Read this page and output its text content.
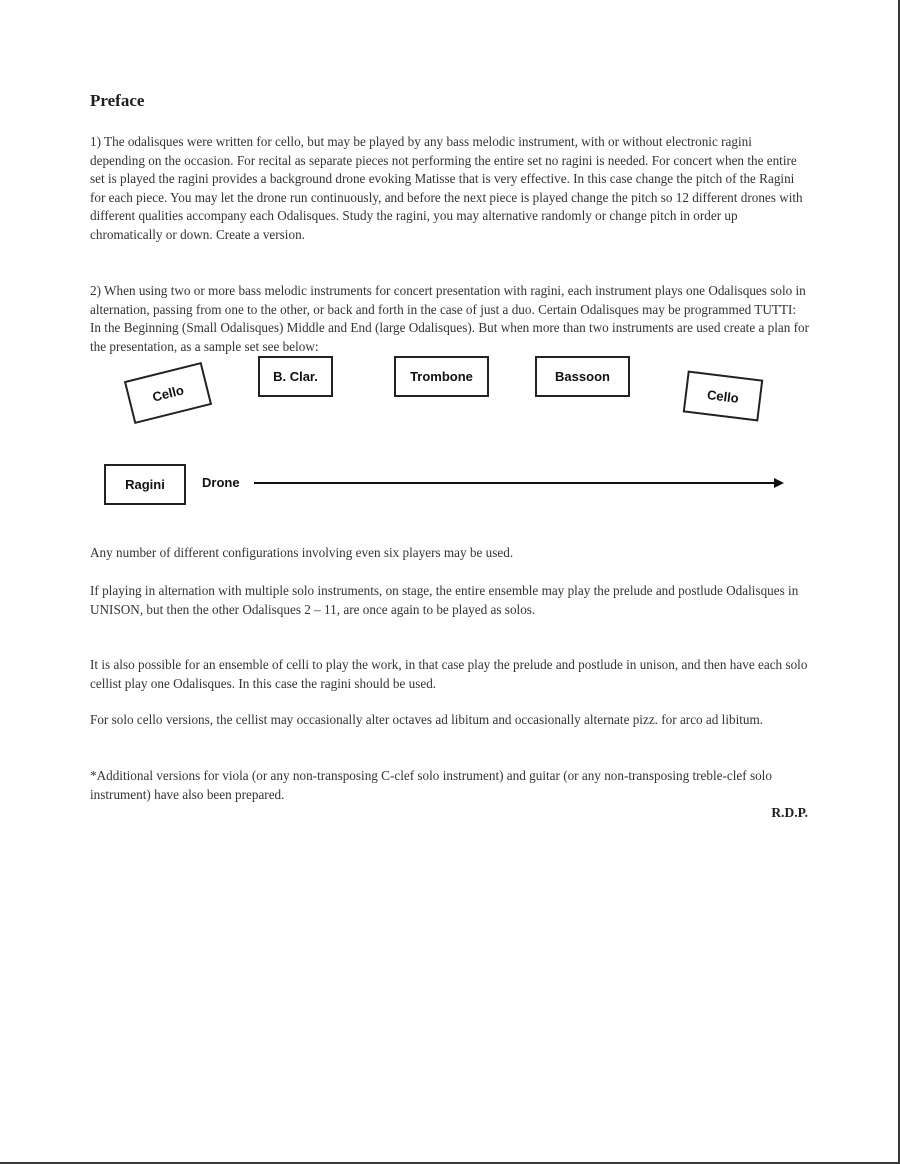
Preface

1) The odalisques were written for cello, but may be played by any bass melodic instrument, with or without electronic ragini depending on the occasion. For recital as separate pieces not performing the entire set no ragini is needed. For concert when the entire set is played the ragini provides a background drone evoking Matisse that is very effective. In this case change the pitch of the Ragini for each piece. You may let the drone run continuously, and before the next piece is played change the pitch so 12 different drones with different qualities accompany each Odalisques. Study the ragini, you may alternative randomly or change pitch in order up chromatically or down. Create a version.

2) When using two or more bass melodic instruments for concert presentation with ragini, each instrument plays one Odalisques solo in alternation, passing from one to the other, or back and forth in the case of just a duo. Certain Odalisques may be programmed TUTTI: In the Beginning (Small Odalisques) Middle and End (large Odalisques). But when more than two instruments are used create a plan for the presentation, as a sample set see below:

Cello
B. Clar.	Trombone	Bassoon
Cello
Ragini	Drone

Any number of different configurations involving even six players may be used.

If playing in alternation with multiple solo instruments, on stage, the entire ensemble may play the prelude and postlude Odalisques in UNISON, but then the other Odalisques 2 – 11, are once again to be played as solos.

It is also possible for an ensemble of celli to play the work, in that case play the prelude and postlude in unison, and then have each solo cellist play one Odalisques. In this case the ragini should be used.

For solo cello versions, the cellist may occasionally alter octaves ad libitum and occasionally alternate pizz. for arco ad libitum.

*Additional versions for viola (or any non-transposing C-clef solo instrument) and guitar (or any non-transposing treble-clef solo instrument) have also been prepared.

R.D.P.
